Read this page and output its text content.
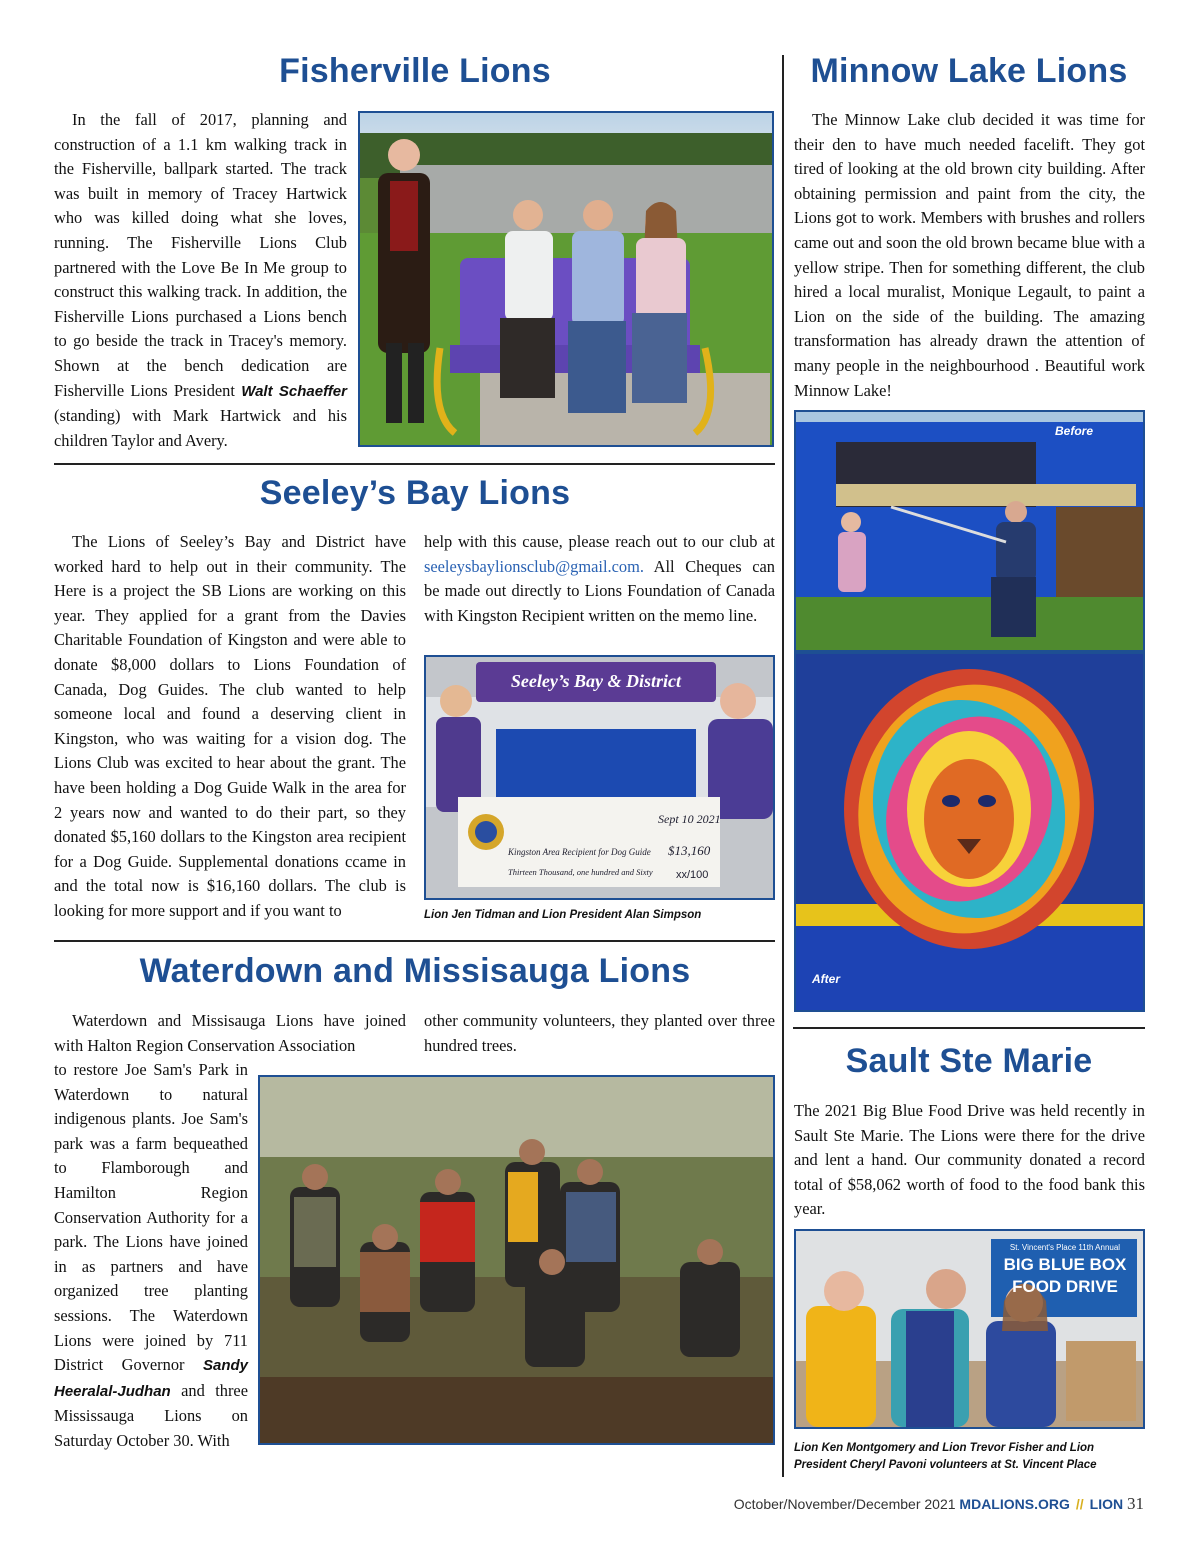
Fisherville Lions

In the fall of 2017, planning and construction of a 1.1 km walking track in the Fisherville, ballpark started. The track was built in memory of Tracey Hartwick who was killed doing what she loves, running. The Fisherville Lions Club partnered with the Love Be In Me group to construct this walking track. In addition, the Fisherville Lions purchased a Lions bench to go beside the track in Tracey's memory. Shown at the bench dedication are Fisherville Lions President Walt Schaeffer (standing) with Mark Hartwick and his children Taylor and Avery.

Minnow Lake Lions

The Minnow Lake club decided it was time for their den to have much needed facelift. They got tired of looking at the old brown city building. After obtaining permission and paint from the city, the Lions got to work. Members with brushes and rollers came out and soon the old brown became blue with a yellow stripe. Then for something different, the club hired a local muralist, Monique Legault, to paint a Lion on the side of the building. The amazing transformation has already drawn the attention of many people in the neighbourhood . Beautiful work Minnow Lake!

Before
After
Seeley’s Bay Lions

The Lions of Seeley’s Bay and District have worked hard to help out in their community. The Here is a project the SB Lions are working on this year. They applied for a grant from the Davies Charitable Foundation of Kingston and were able to donate $8,000 dollars to Lions Foundation of Canada, Dog Guides. The club wanted to help someone local and found a deserving client in Kingston, who was waiting for a vision dog. The Lions Club was excited to hear about the grant. The have been holding a Dog Guide Walk in the area for 2 years now and wanted to do their part, so they donated $5,160 dollars to the Kingston area recipient for a Dog Guide. Supplemental donations ccame in and the total now is $16,160 dollars. The club is looking for more support and if you want to

help with this cause, please reach out to our club at seeleysbaylionsclub@gmail.com. All Cheques can be made out directly to Lions Foundation of Canada with Kingston Recipient written on the memo line.

Seeley’s Bay & District
Sept 10 2021
Kingston Area Recipient for Dog Guide $13,160
Thirteen Thousand, one hundred and Sixty xx/100
Lion Jen Tidman and Lion President Alan Simpson
Waterdown and Missisauga Lions

Waterdown and Missisauga Lions have joined with Halton Region Conservation Association

to restore Joe Sam's Park in Waterdown to natural indigenous plants. Joe Sam's park was a farm bequeathed to Flamborough and Hamilton Region Conservation Authority for a park. The Lions have joined in as partners and have organized tree planting sessions. The Waterdown Lions were joined by 711 District Governor Sandy Heeralal-Judhan and three Mississauga Lions on Saturday October 30. With

other community volunteers, they planted over three hundred trees.	Sault Ste Marie

The 2021 Big Blue Food Drive was held recently in Sault Ste Marie. The Lions were there for the drive and lent a hand. Our community donated a record total of $58,062 worth of food to the food bank this year.

St. Vincent's Place 11th Annual
BIG BLUE BOX
FOOD DRIVE
Lion Ken Montgomery and Lion Trevor Fisher and Lion President Cheryl Pavoni volunteers at St. Vincent Place
October/November/December 2021 MDALIONS.ORG // LION 31
